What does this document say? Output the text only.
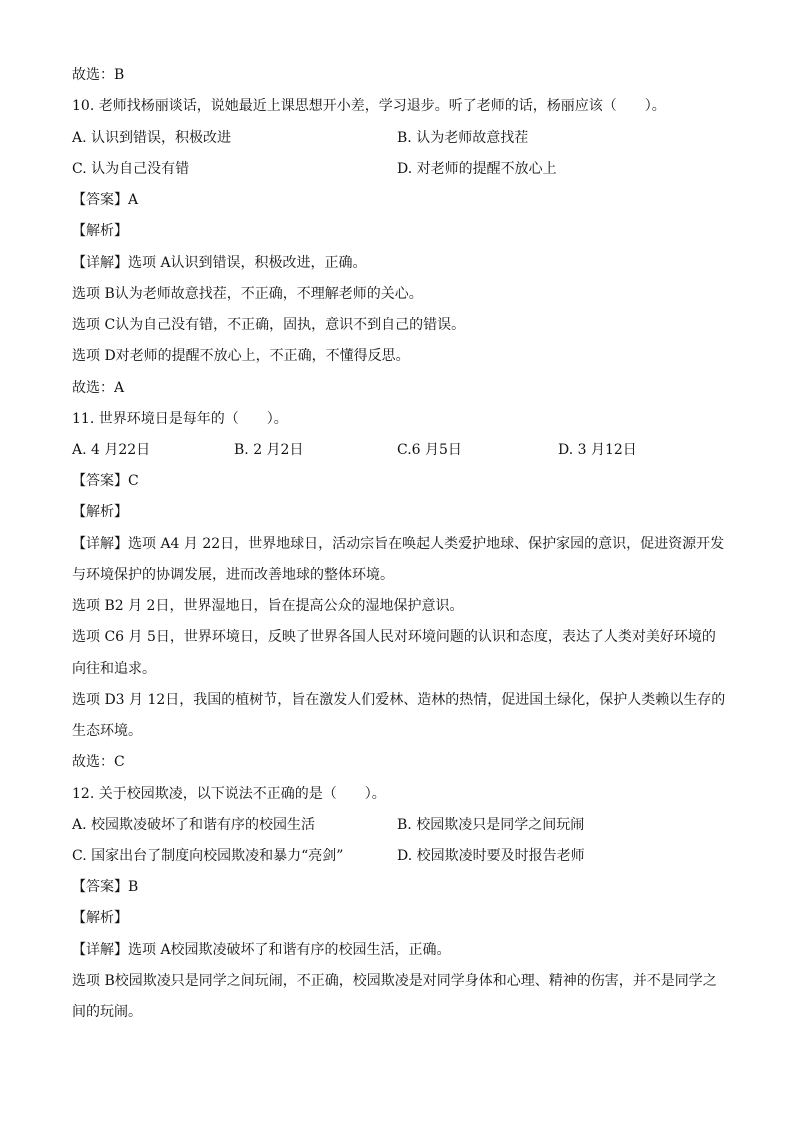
故选：B
10. 老师找杨丽谈话，说她最近上课思想开小差，学习退步。听了老师的话，杨丽应该（　　）。
A. 认识到错误，积极改进	B. 认为老师故意找茬
C. 认为自己没有错	D. 对老师的提醒不放心上
【答案】A
【解析】
【详解】选项 A认识到错误，积极改进，正确。
选项 B认为老师故意找茬，不正确，不理解老师的关心。
选项 C认为自己没有错，不正确，固执，意识不到自己的错误。
选项 D对老师的提醒不放心上，不正确，不懂得反思。
故选：A
11. 世界环境日是每年的（　　）。
A. 4 月22日	B. 2 月2日	C.6 月5日	D. 3 月12日
【答案】C
【解析】
【详解】选项 A4 月 22日，世界地球日，活动宗旨在唤起人类爱护地球、保护家园的意识，促进资源开发
与环境保护的协调发展，进而改善地球的整体环境。
选项 B2 月 2日，世界湿地日，旨在提高公众的湿地保护意识。
选项 C6 月 5日，世界环境日，反映了世界各国人民对环境问题的认识和态度，表达了人类对美好环境的
向往和追求。
选项 D3 月 12日，我国的植树节，旨在激发人们爱林、造林的热情，促进国土绿化，保护人类赖以生存的
生态环境。
故选：C
12. 关于校园欺凌，以下说法不正确的是（　　）。
A. 校园欺凌破坏了和谐有序的校园生活	B. 校园欺凌只是同学之间玩闹
C. 国家出台了制度向校园欺凌和暴力“亮剑”	D. 校园欺凌时要及时报告老师
【答案】B
【解析】
【详解】选项 A校园欺凌破坏了和谐有序的校园生活，正确。
选项 B校园欺凌只是同学之间玩闹，不正确，校园欺凌是对同学身体和心理、精神的伤害，并不是同学之
间的玩闹。
